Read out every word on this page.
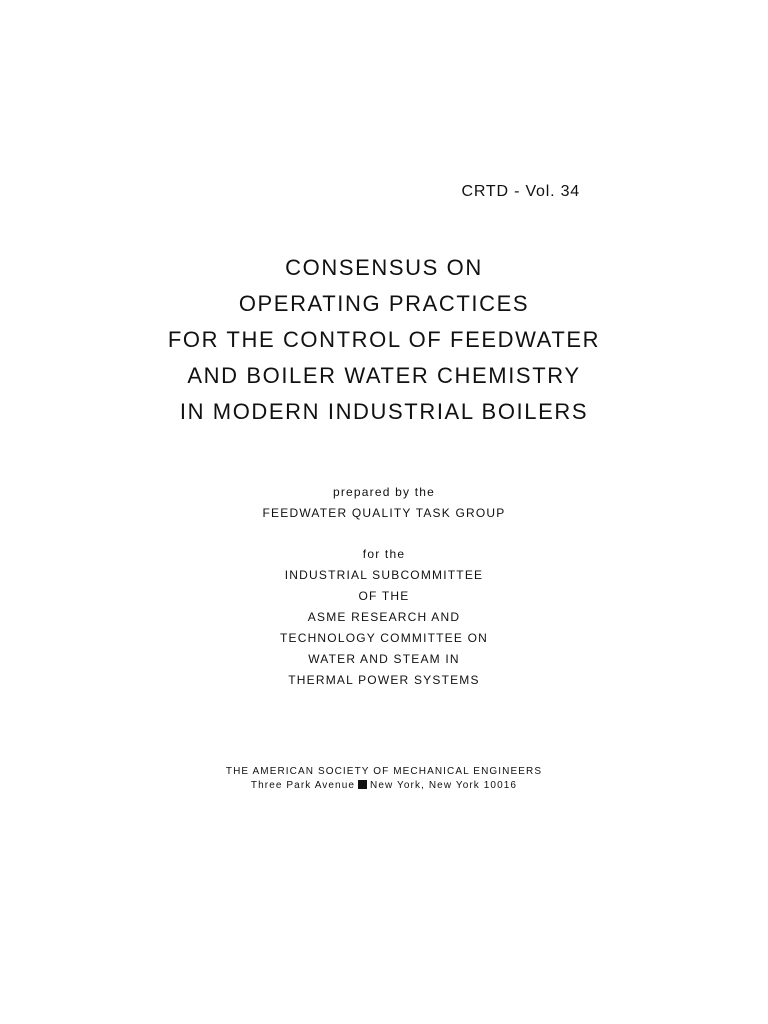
CRTD - Vol. 34
CONSENSUS ON
OPERATING PRACTICES
FOR THE CONTROL OF FEEDWATER
AND BOILER WATER CHEMISTRY
IN MODERN INDUSTRIAL BOILERS
prepared by the
FEEDWATER QUALITY TASK GROUP
for the
INDUSTRIAL SUBCOMMITTEE
OF THE
ASME RESEARCH AND
TECHNOLOGY COMMITTEE ON
WATER AND STEAM IN
THERMAL POWER SYSTEMS
THE AMERICAN SOCIETY OF MECHANICAL ENGINEERS
Three Park Avenue New York, New York 10016
